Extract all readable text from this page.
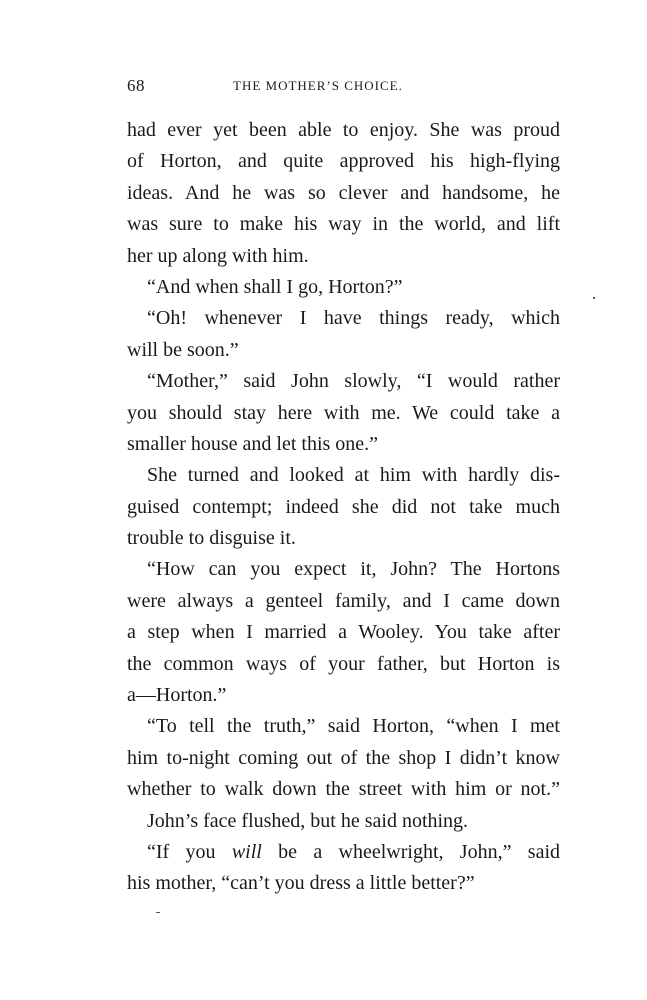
68	THE MOTHER’S CHOICE.
had ever yet been able to enjoy. She was proud
of Horton, and quite approved his high-flying
ideas. And he was so clever and handsome, he
was sure to make his way in the world, and lift
her up along with him.
“And when shall I go, Horton?”
“Oh! whenever I have things ready, which
will be soon.”
“Mother,” said John slowly, “I would rather
you should stay here with me. We could take a
smaller house and let this one.”
She turned and looked at him with hardly dis-
guised contempt; indeed she did not take much
trouble to disguise it.
“How can you expect it, John? The Hortons
were always a genteel family, and I came down
a step when I married a Wooley. You take after
the common ways of your father, but Horton is
a—Horton.”
“To tell the truth,” said Horton, “when I met
him to-night coming out of the shop I didn’t know
whether to walk down the street with him or not.”
John’s face flushed, but he said nothing.
“If you will be a wheelwright, John,” said
his mother, “can’t you dress a little better?”
